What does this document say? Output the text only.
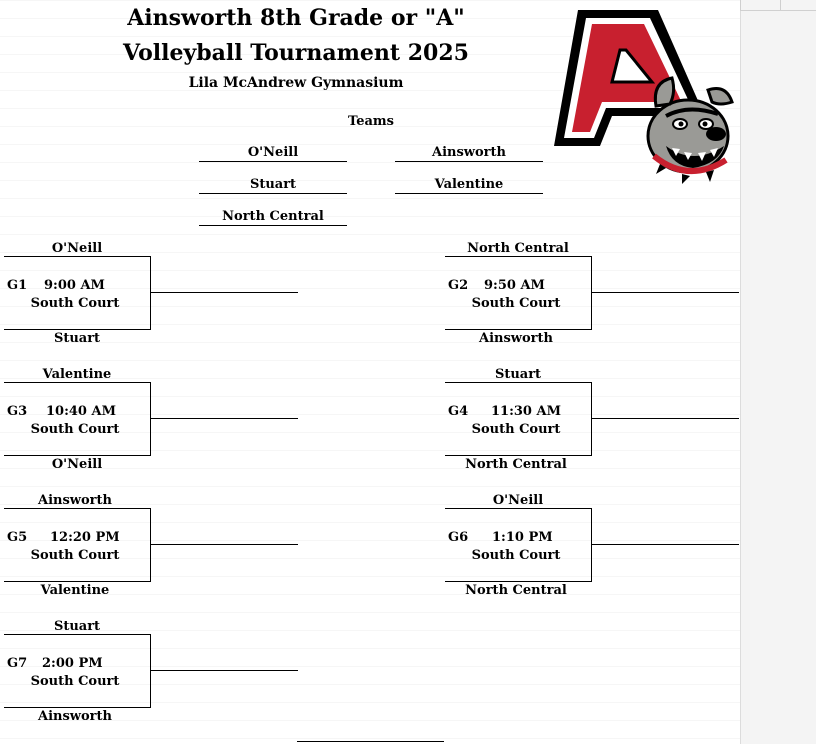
Ainsworth 8th Grade or "A"
Volleyball Tournament 2025
Lila McAndrew Gymnasium
Teams
O'Neill	Ainsworth
Stuart	Valentine
North Central
O'Neill
G1 9:00 AM
South Court
Stuart
North Central
G2 9:50 AM
South Court
Ainsworth
Valentine
G3 10:40 AM
South Court
O'Neill
Stuart
G4 11:30 AM
South Court
North Central
Ainsworth
G5 12:20 PM
South Court
Valentine
O'Neill
G6 1:10 PM
South Court
North Central
Stuart
G7 2:00 PM
South Court
Ainsworth
